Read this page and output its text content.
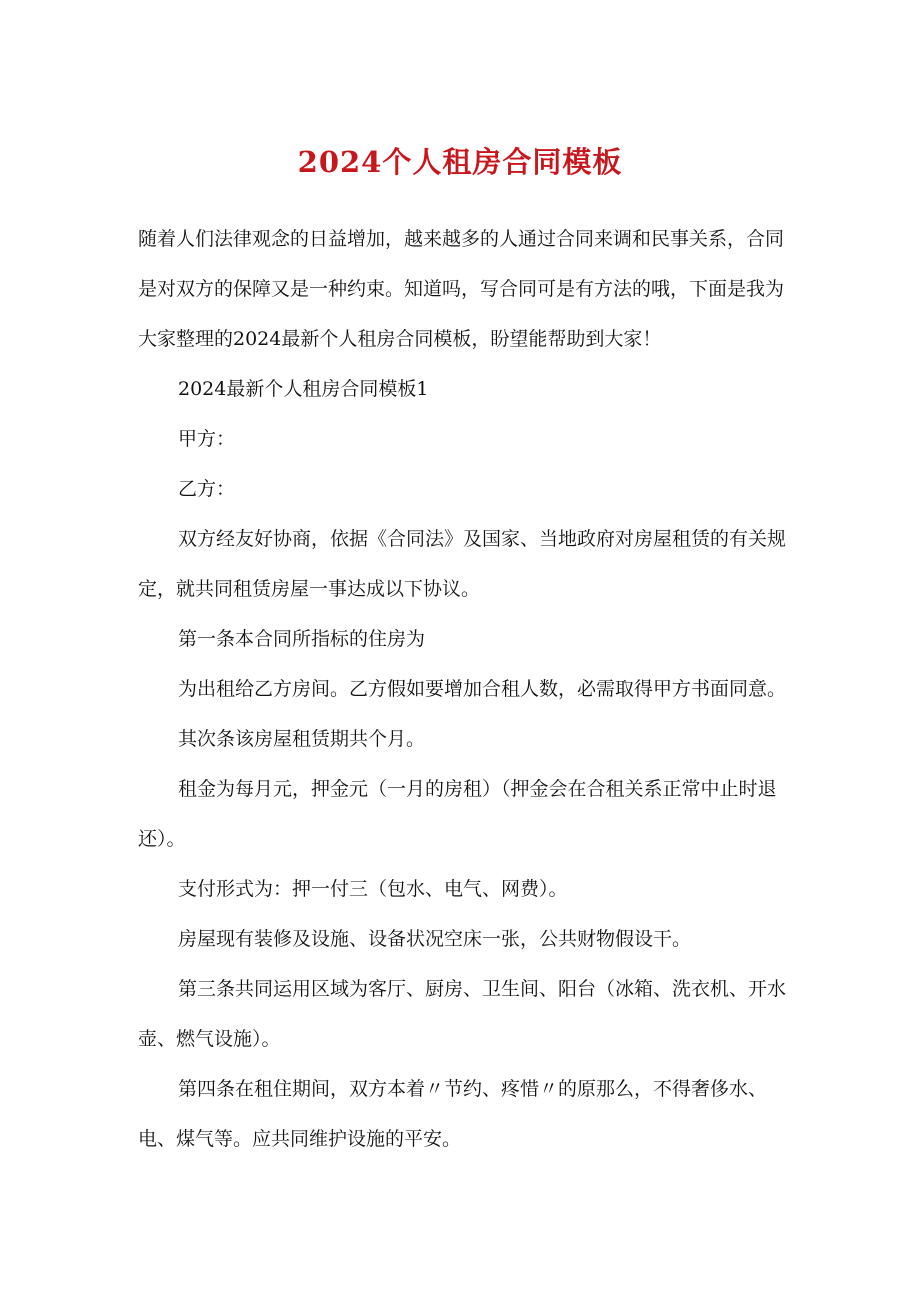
2024个人租房合同模板

随着人们法律观念的日益增加，越来越多的人通过合同来调和民事关系，合同是对双方的保障又是一种约束。知道吗，写合同可是有方法的哦，下面是我为大家整理的2024最新个人租房合同模板，盼望能帮助到大家！

2024最新个人租房合同模板1

甲方：

乙方：

双方经友好协商，依据《合同法》及国家、当地政府对房屋租赁的有关规定，就共同租赁房屋一事达成以下协议。

第一条本合同所指标的住房为

为出租给乙方房间。乙方假如要增加合租人数，必需取得甲方书面同意。

其次条该房屋租赁期共个月。

租金为每月元，押金元（一月的房租）（押金会在合租关系正常中止时退还）。

支付形式为：押一付三（包水、电气、网费）。

房屋现有装修及设施、设备状况空床一张，公共财物假设干。

第三条共同运用区域为客厅、厨房、卫生间、阳台（冰箱、洗衣机、开水壶、燃气设施）。

第四条在租住期间，双方本着〃节约、疼惜〃的原那么，不得奢侈水、电、煤气等。应共同维护设施的平安。
